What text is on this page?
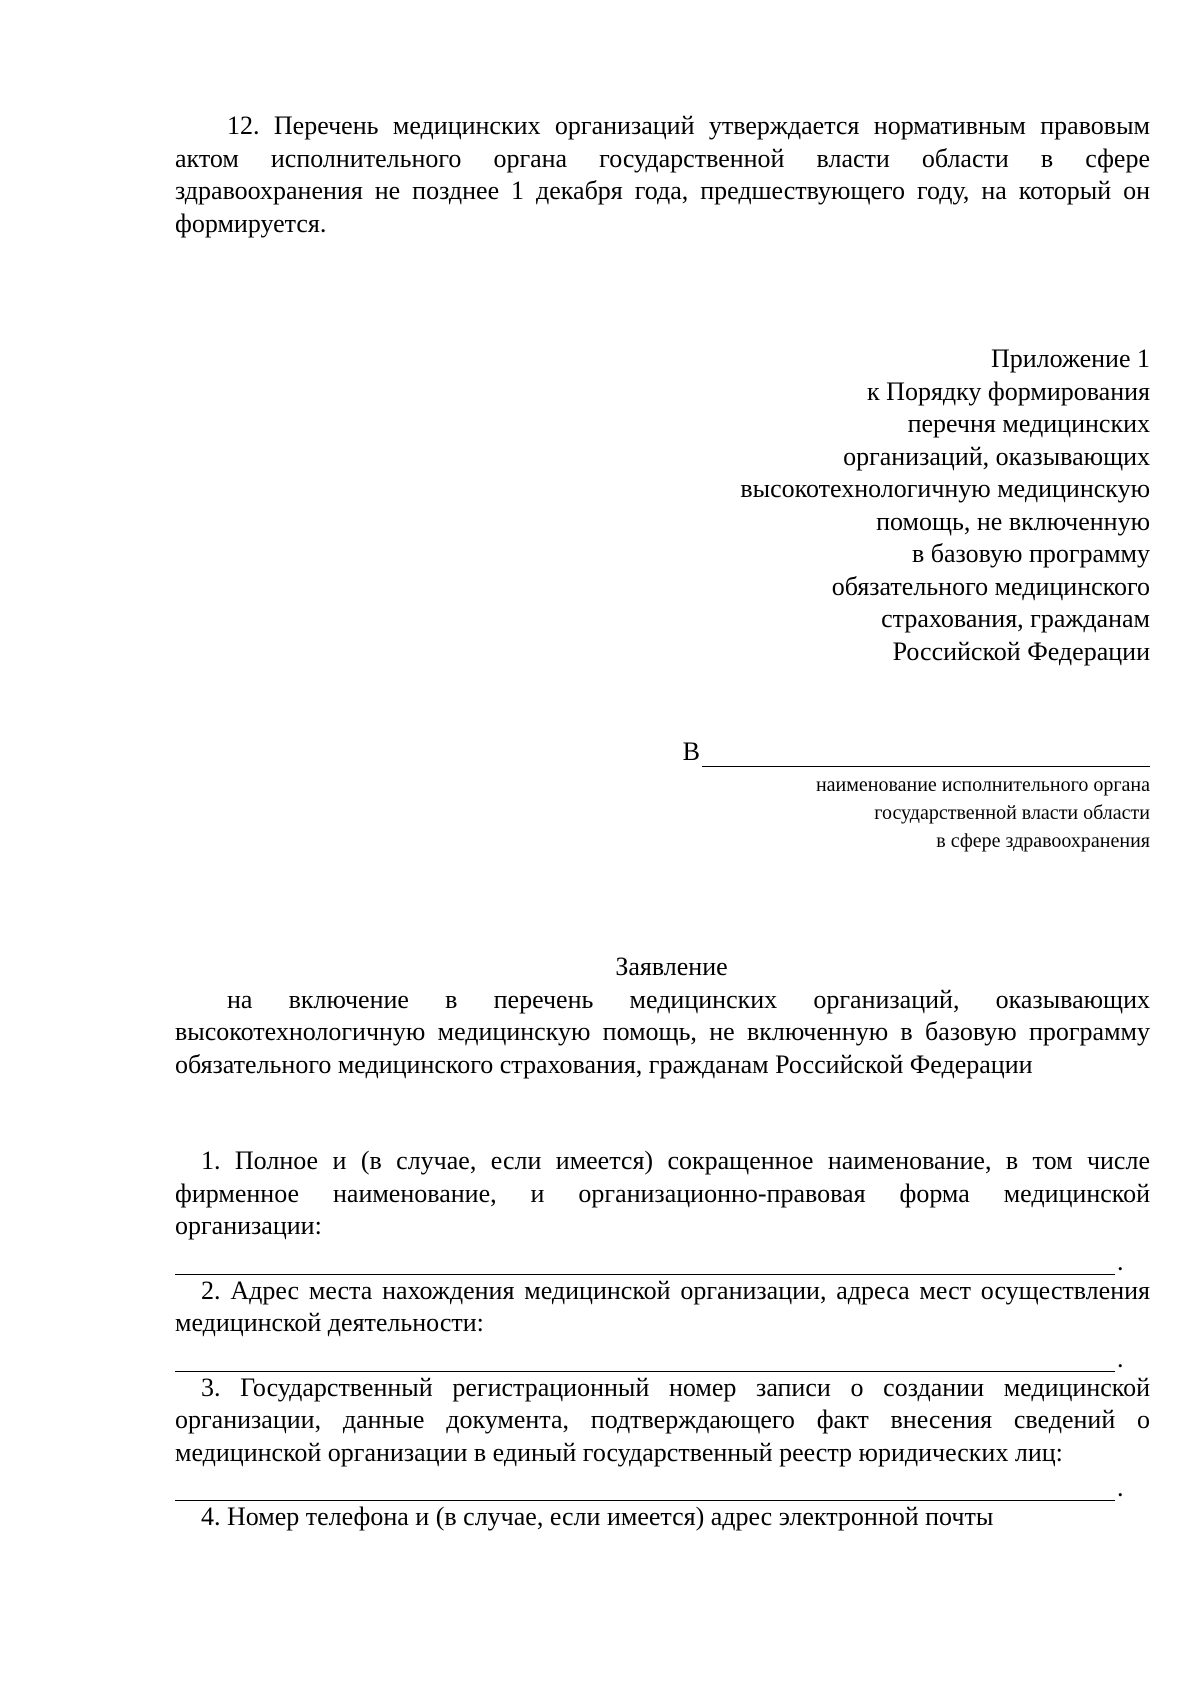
12. Перечень медицинских организаций утверждается нормативным правовым актом исполнительного органа государственной власти области в сфере здравоохранения не позднее 1 декабря года, предшествующего году, на который он формируется.

Приложение 1
к Порядку формирования
перечня медицинских
организаций, оказывающих
высокотехнологичную медицинскую
помощь, не включенную
в базовую программу
обязательного медицинского
страхования, гражданам
Российской Федерации
В
наименование исполнительного органа
государственной власти области
в сфере здравоохранения
Заявление

на включение в перечень медицинских организаций, оказывающих высокотехнологичную медицинскую помощь, не включенную в базовую программу обязательного медицинского страхования, гражданам Российской Федерации

1. Полное и (в случае, если имеется) сокращенное наименование, в том числе фирменное наименование, и организационно-правовая форма медицинской организации:

.

2. Адрес места нахождения медицинской организации, адреса мест осуществления медицинской деятельности:

.

3. Государственный регистрационный номер записи о создании медицинской организации, данные документа, подтверждающего факт внесения сведений о медицинской организации в единый государственный реестр юридических лиц:

.

4. Номер телефона и (в случае, если имеется) адрес электронной почты
